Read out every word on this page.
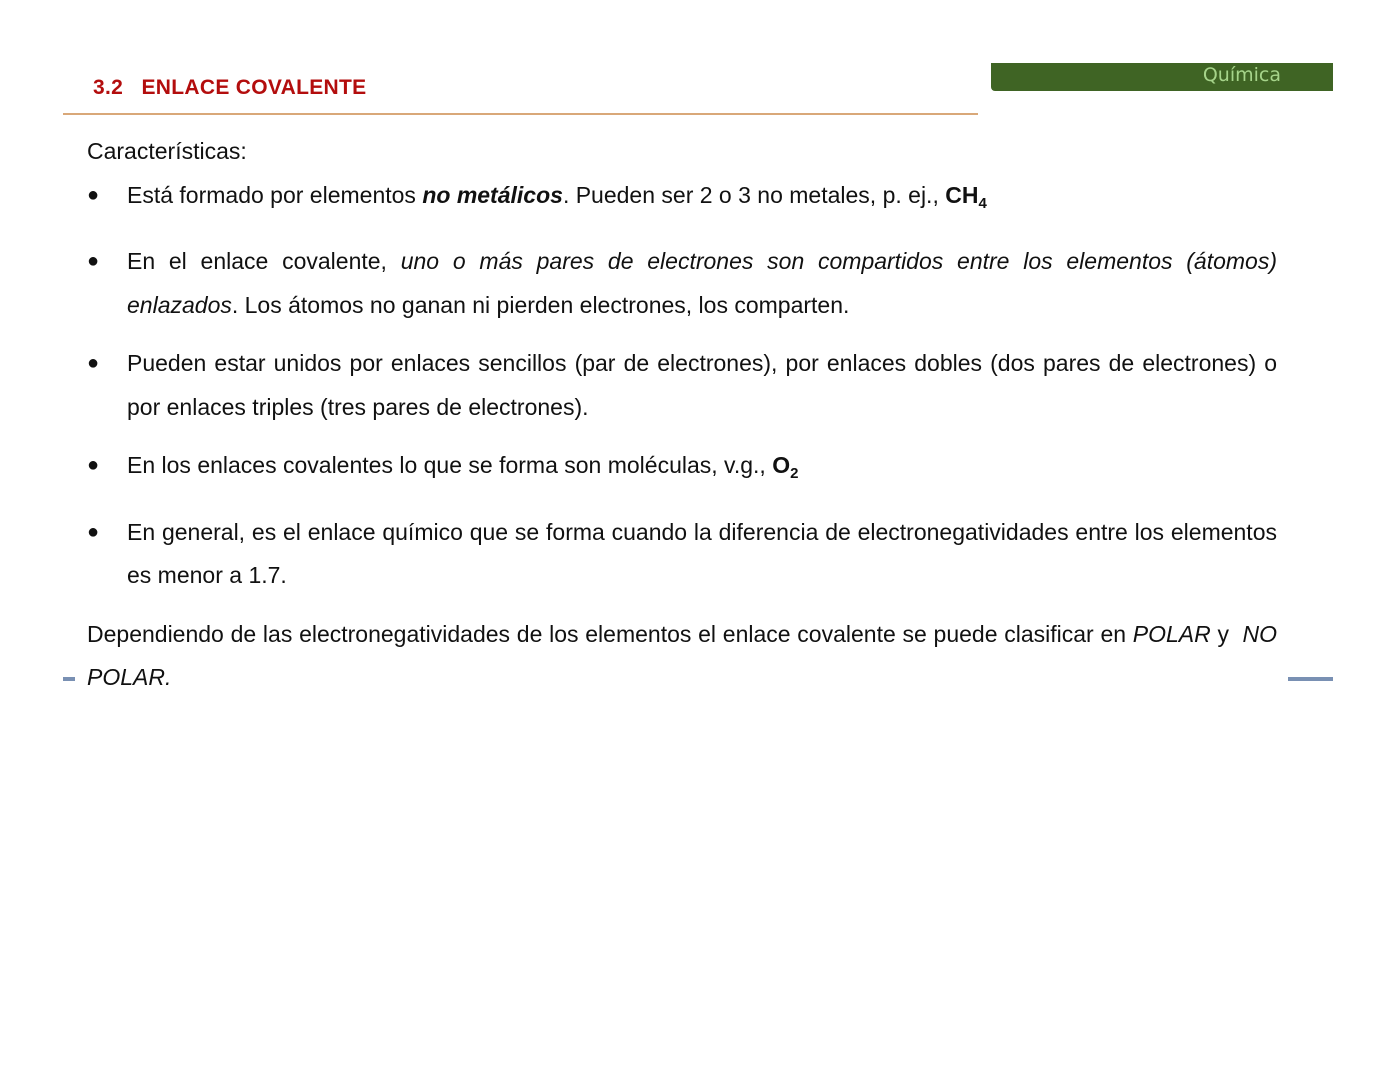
3.2   ENLACE COVALENTE
Química

Características:

● Está formado por elementos no metálicos. Pueden ser 2 o 3 no metales, p. ej., $CH_4$
● En el enlace covalente, uno o más pares de electrones son compartidos entre los elementos (átomos) enlazados. Los átomos no ganan ni pierden electrones, los comparten.
● Pueden estar unidos por enlaces sencillos (par de electrones), por enlaces dobles (dos pares de electrones) o por enlaces triples (tres pares de electrones).
● En los enlaces covalentes lo que se forma son moléculas, v.g., $O_2$
● En general, es el enlace químico que se forma cuando la diferencia de electronegatividades entre los elementos es menor a 1.7.

Dependiendo de las electronegatividades de los elementos el enlace covalente se puede clasificar en POLAR y  NO POLAR.
